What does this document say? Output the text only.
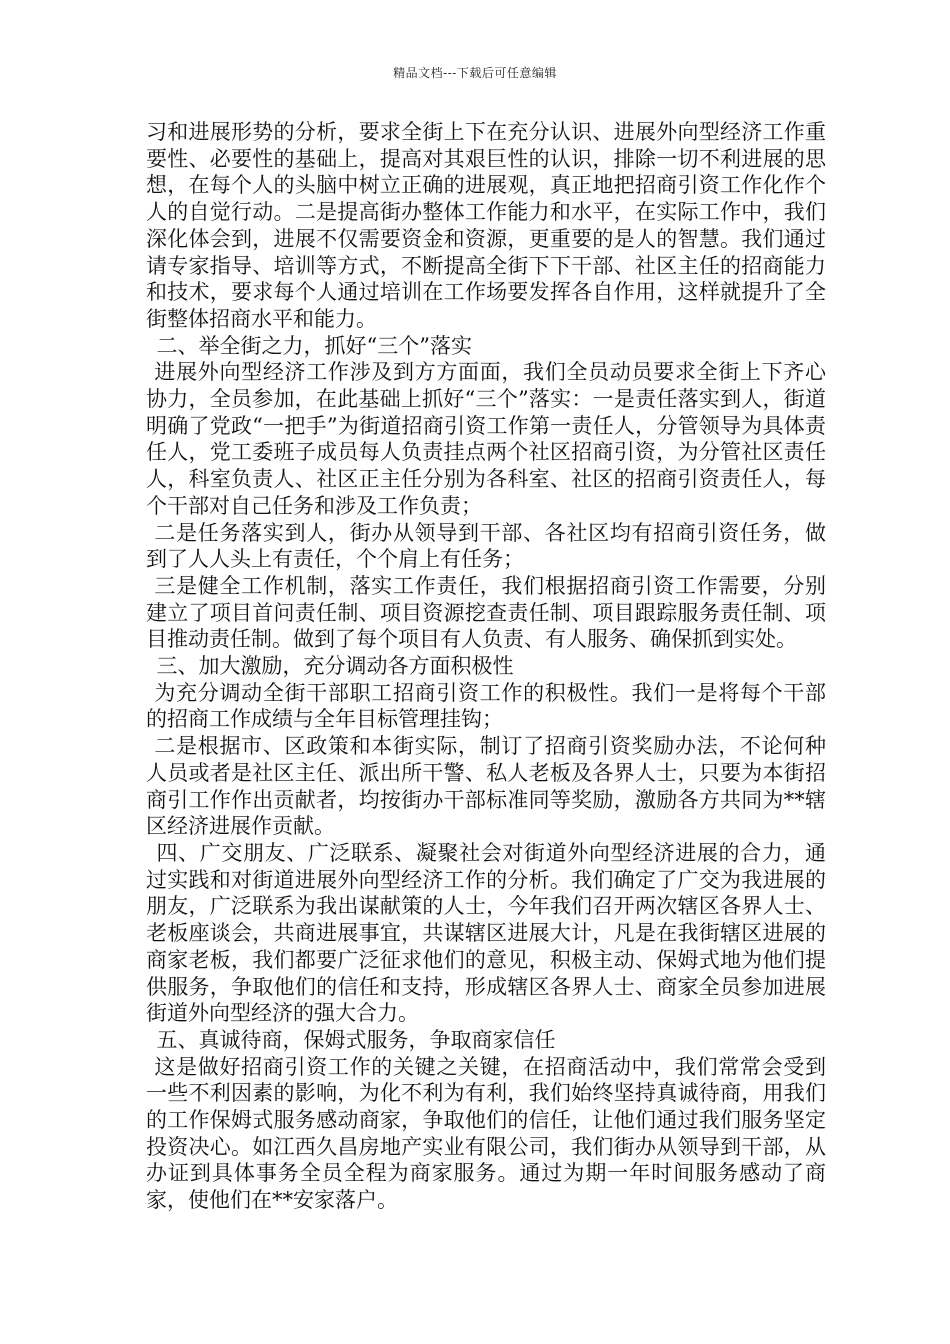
精品文档---下载后可任意编辑

习和进展形势的分析，要求全街上下在充分认识、进展外向型经济工作重要性、必要性的基础上，提高对其艰巨性的认识，排除一切不利进展的思想，在每个人的头脑中树立正确的进展观，真正地把招商引资工作化作个人的自觉行动。二是提高街办整体工作能力和水平，在实际工作中，我们深化体会到，进展不仅需要资金和资源，更重要的是人的智慧。我们通过请专家指导、培训等方式，不断提高全街下下干部、社区主任的招商能力和技术，要求每个人通过培训在工作场要发挥各自作用，这样就提升了全街整体招商水平和能力。

二、举全街之力，抓好“三个”落实

进展外向型经济工作涉及到方方面面，我们全员动员要求全街上下齐心协力，全员参加，在此基础上抓好“三个”落实：一是责任落实到人，街道明确了党政“一把手”为街道招商引资工作第一责任人，分管领导为具体责任人，党工委班子成员每人负责挂点两个社区招商引资，为分管社区责任人，科室负责人、社区正主任分别为各科室、社区的招商引资责任人，每个干部对自己任务和涉及工作负责；

二是任务落实到人，街办从领导到干部、各社区均有招商引资任务，做到了人人头上有责任，个个肩上有任务；

三是健全工作机制，落实工作责任，我们根据招商引资工作需要，分别建立了项目首问责任制、项目资源挖查责任制、项目跟踪服务责任制、项目推动责任制。做到了每个项目有人负责、有人服务、确保抓到实处。

三、加大激励，充分调动各方面积极性

为充分调动全街干部职工招商引资工作的积极性。我们一是将每个干部的招商工作成绩与全年目标管理挂钩；

二是根据市、区政策和本街实际，制订了招商引资奖励办法，不论何种人员或者是社区主任、派出所干警、私人老板及各界人士，只要为本街招商引工作作出贡献者，均按街办干部标准同等奖励，激励各方共同为**辖区经济进展作贡献。

四、广交朋友、广泛联系、凝聚社会对街道外向型经济进展的合力，通过实践和对街道进展外向型经济工作的分析。我们确定了广交为我进展的朋友，广泛联系为我出谋献策的人士，今年我们召开两次辖区各界人士、老板座谈会，共商进展事宜，共谋辖区进展大计，凡是在我街辖区进展的商家老板，我们都要广泛征求他们的意见，积极主动、保姆式地为他们提供服务，争取他们的信任和支持，形成辖区各界人士、商家全员参加进展街道外向型经济的强大合力。

五、真诚待商，保姆式服务，争取商家信任

这是做好招商引资工作的关键之关键，在招商活动中，我们常常会受到一些不利因素的影响，为化不利为有利，我们始终坚持真诚待商，用我们的工作保姆式服务感动商家，争取他们的信任，让他们通过我们服务坚定投资决心。如江西久昌房地产实业有限公司，我们街办从领导到干部，从办证到具体事务全员全程为商家服务。通过为期一年时间服务感动了商家，使他们在**安家落户。
